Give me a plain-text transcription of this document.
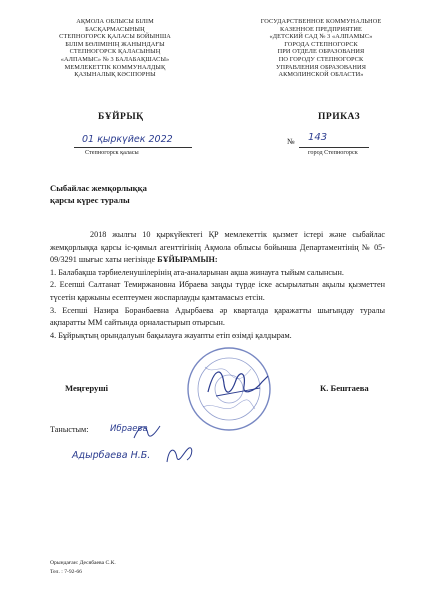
АҚМОЛА ОБЛЫСЫ БІЛІМ
БАСҚАРМАСЫНЫҢ
СТЕПНОГОРСК ҚАЛАСЫ БОЙЫНША
БІЛІМ БӨЛІМІНІҢ ЖАНЫНДАҒЫ
СТЕПНОГОРСК ҚАЛАСЫНЫҢ
«АЛПАМЫС» № 3 БАЛАБАҚШАСЫ»
МЕМЛЕКЕТТІК КОММУНАЛДЫҚ
ҚАЗЫНАЛЫҚ КӘСІПОРНЫ
ГОСУДАРСТВЕННОЕ КОММУНАЛЬНОЕ
КАЗЕННОЕ ПРЕДПРИЯТИЕ
«ДЕТСКИЙ САД № 3 «АЛПАМЫС»
ГОРОДА СТЕПНОГОРСК
ПРИ ОТДЕЛЕ ОБРАЗОВАНИЯ
ПО ГОРОДУ СТЕПНОГОРСК
УПРАВЛЕНИЯ ОБРАЗОВАНИЯ
АКМОЛИНСКОЙ ОБЛАСТИ»
БҰЙРЫҚ	ПРИКАЗ
01 қыркүйек 2022
Степногорск қаласы
№ 143
город Степногорск
Сыбайлас жемқорлыққа
қарсы күрес туралы

2018 жылғы 10 қыркүйектегі ҚР мемлекеттік қызмет істері және сыбайлас жемқорлыққа қарсы іс-қимыл агенттігінің Ақмола облысы бойынша Департаментінің № 05-09/3291 шығыс хаты негізінде БҰЙЫРАМЫН:

1. Балабақша тәрбиеленушілерінің ата-аналарынан ақша жинауға тыйым салынсын.

2. Есепші Салтанат Темиржановна Ибраева заңды түрде іске асырылатын ақылы қызметтен түсетін қаржыны есептеумен жоспарлауды қамтамасыз етсін.

3. Есепші Назира Боранбаевна Адырбаева әр кварталда қаражатты шығындау туралы ақпаратты ММ сайтында орналастырып отырсын.

4. Бұйрықтың орындалуын бақылауға жауапты етіп өзімді қалдырам.

Меңгеруші	К. Бештаева
Таныстым:	Ибраева
Адырбаева Н.Б.
Орындаған: Десябаева С.К.
Тел. : 7-92-66
